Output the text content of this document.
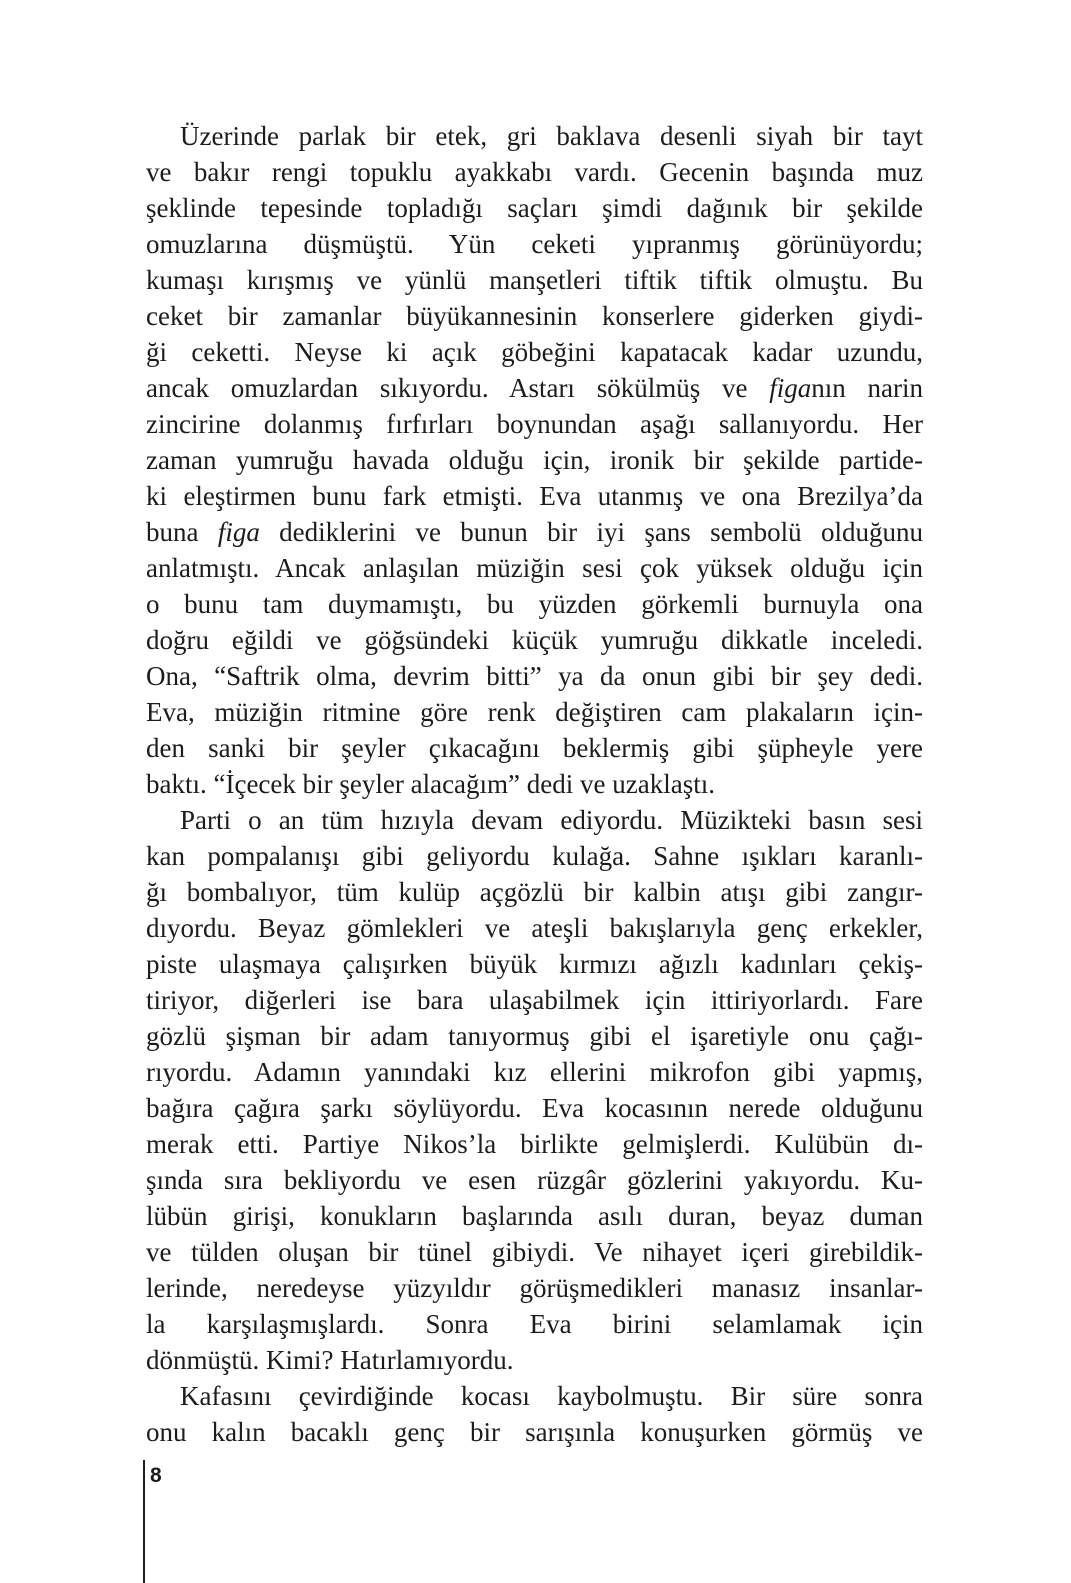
Üzerinde parlak bir etek, gri baklava desenli siyah bir tayt
ve bakır rengi topuklu ayakkabı vardı. Gecenin başında muz
şeklinde tepesinde topladığı saçları şimdi dağınık bir şekilde
omuzlarına düşmüştü. Yün ceketi yıpranmış görünüyordu;
kumaşı kırışmış ve yünlü manşetleri tiftik tiftik olmuştu. Bu
ceket bir zamanlar büyükannesinin konserlere giderken giydi-
ği ceketti. Neyse ki açık göbeğini kapatacak kadar uzundu,
ancak omuzlardan sıkıyordu. Astarı sökülmüş ve figanın narin
zincirine dolanmış fırfırları boynundan aşağı sallanıyordu. Her
zaman yumruğu havada olduğu için, ironik bir şekilde partide-
ki eleştirmen bunu fark etmişti. Eva utanmış ve ona Brezilya’da
buna figa dediklerini ve bunun bir iyi şans sembolü olduğunu
anlatmıştı. Ancak anlaşılan müziğin sesi çok yüksek olduğu için
o bunu tam duymamıştı, bu yüzden görkemli burnuyla ona
doğru eğildi ve göğsündeki küçük yumruğu dikkatle inceledi.
Ona, “Saftrik olma, devrim bitti” ya da onun gibi bir şey dedi.
Eva, müziğin ritmine göre renk değiştiren cam plakaların için-
den sanki bir şeyler çıkacağını beklermiş gibi şüpheyle yere
baktı. “İçecek bir şeyler alacağım” dedi ve uzaklaştı.
Parti o an tüm hızıyla devam ediyordu. Müzikteki basın sesi
kan pompalanışı gibi geliyordu kulağa. Sahne ışıkları karanlı-
ğı bombalıyor, tüm kulüp açgözlü bir kalbin atışı gibi zangır-
dıyordu. Beyaz gömlekleri ve ateşli bakışlarıyla genç erkekler,
piste ulaşmaya çalışırken büyük kırmızı ağızlı kadınları çekiş-
tiriyor, diğerleri ise bara ulaşabilmek için ittiriyorlardı. Fare
gözlü şişman bir adam tanıyormuş gibi el işaretiyle onu çağı-
rıyordu. Adamın yanındaki kız ellerini mikrofon gibi yapmış,
bağıra çağıra şarkı söylüyordu. Eva kocasının nerede olduğunu
merak etti. Partiye Nikos’la birlikte gelmişlerdi. Kulübün dı-
şında sıra bekliyordu ve esen rüzgâr gözlerini yakıyordu. Ku-
lübün girişi, konukların başlarında asılı duran, beyaz duman
ve tülden oluşan bir tünel gibiydi. Ve nihayet içeri girebildik-
lerinde, neredeyse yüzyıldır görüşmedikleri manasız insanlar-
la karşılaşmışlardı. Sonra Eva birini selamlamak için
dönmüştü. Kimi? Hatırlamıyordu.
Kafasını çevirdiğinde kocası kaybolmuştu. Bir süre sonra
onu kalın bacaklı genç bir sarışınla konuşurken görmüş ve
8
